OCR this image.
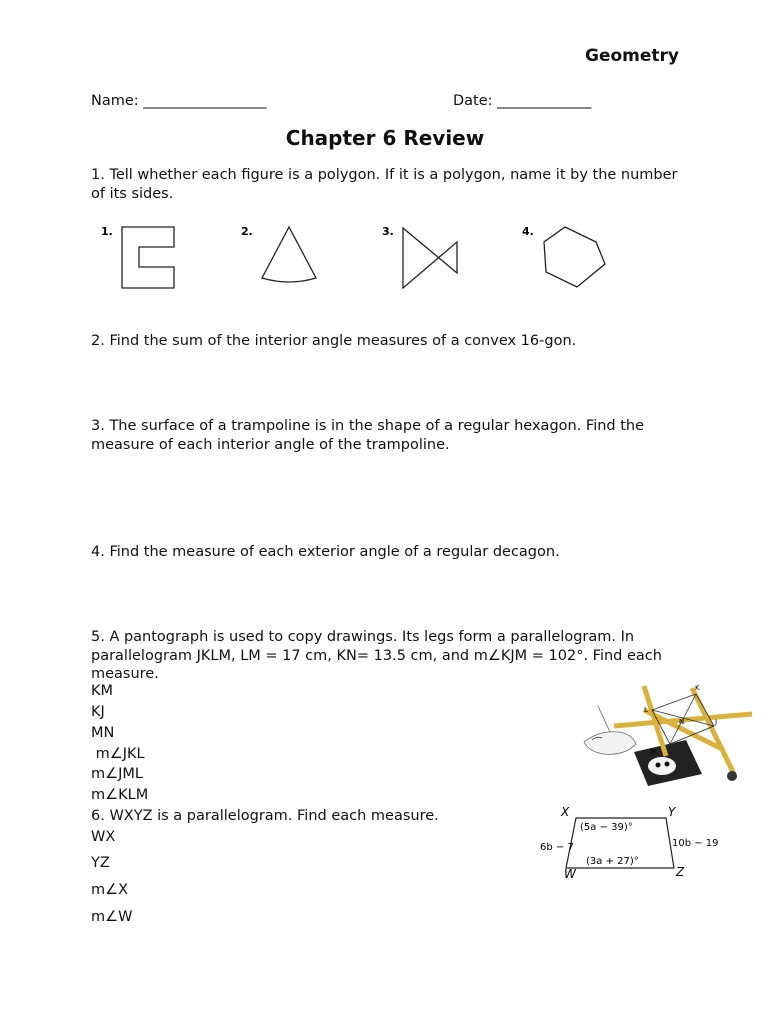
Geometry
Name: _________________	Date: _____________
Chapter 6 Review
1. Tell whether each figure is a polygon. If it is a polygon, name it by the number of its sides.
1.	2.	3.	4.
2. Find the sum of the interior angle measures of a convex 16-gon.
3. The surface of a trampoline is in the shape of a regular hexagon. Find the measure of each interior angle of the trampoline.
4. Find the measure of each exterior angle of a regular decagon.
5. A pantograph is used to copy drawings. Its legs form a parallelogram. In parallelogram JKLM, LM = 17 cm, KN= 13.5 cm, and m∠KJM = 102°. Find each measure.
KM
KJ
MN
m∠JKL
m∠JML
m∠KLM
K
L
N	J
M
6. WXYZ is a parallelogram. Find each measure.
WX
YZ
m∠X
m∠W
X	Y
W	Z
(5a − 39)°
(3a + 27)°
6b − 7	10b − 19
